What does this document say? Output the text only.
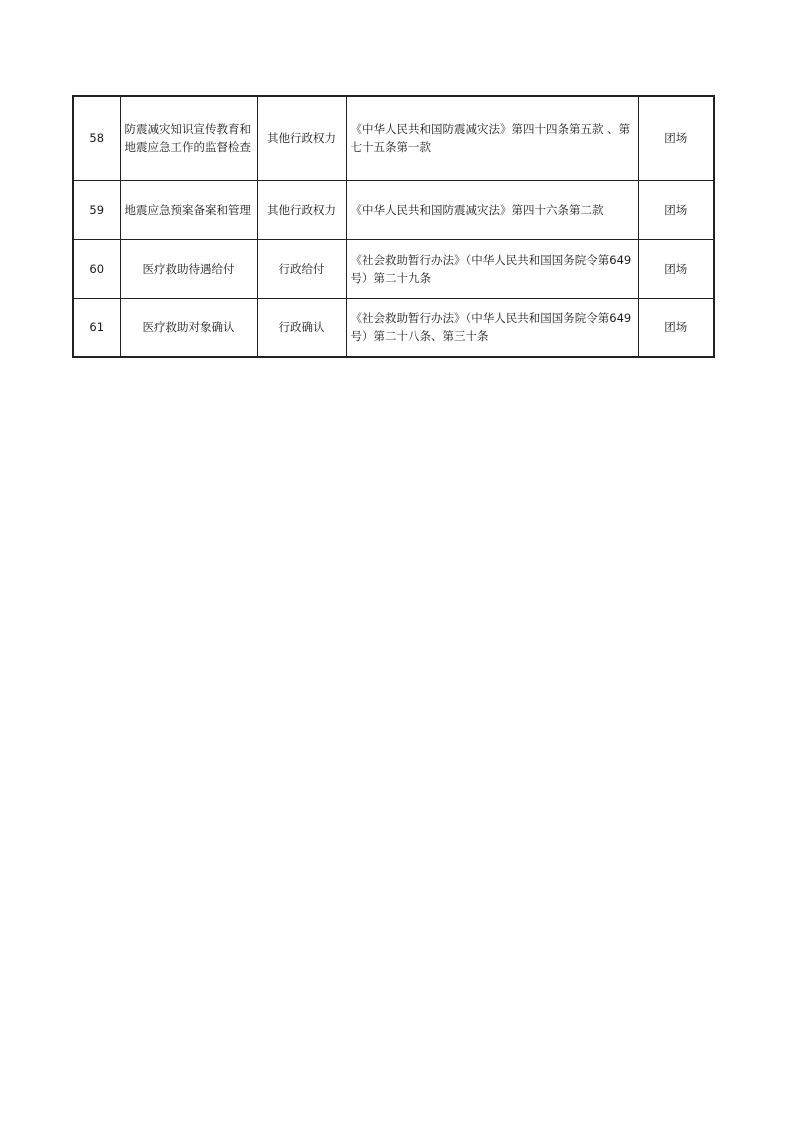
58	防震减灾知识宣传教育和地震应急工作的监督检查	其他行政权力	《中华人民共和国防震减灾法》第四十四条第五款 、第七十五条第一款	团场
59	地震应急预案备案和管理	其他行政权力	《中华人民共和国防震减灾法》第四十六条第二款	团场
60	医疗救助待遇给付	行政给付	《社会救助暂行办法》（中华人民共和国国务院令第649号）第二十九条	团场
61	医疗救助对象确认	行政确认	《社会救助暂行办法》（中华人民共和国国务院令第649号）第二十八条、第三十条	团场
